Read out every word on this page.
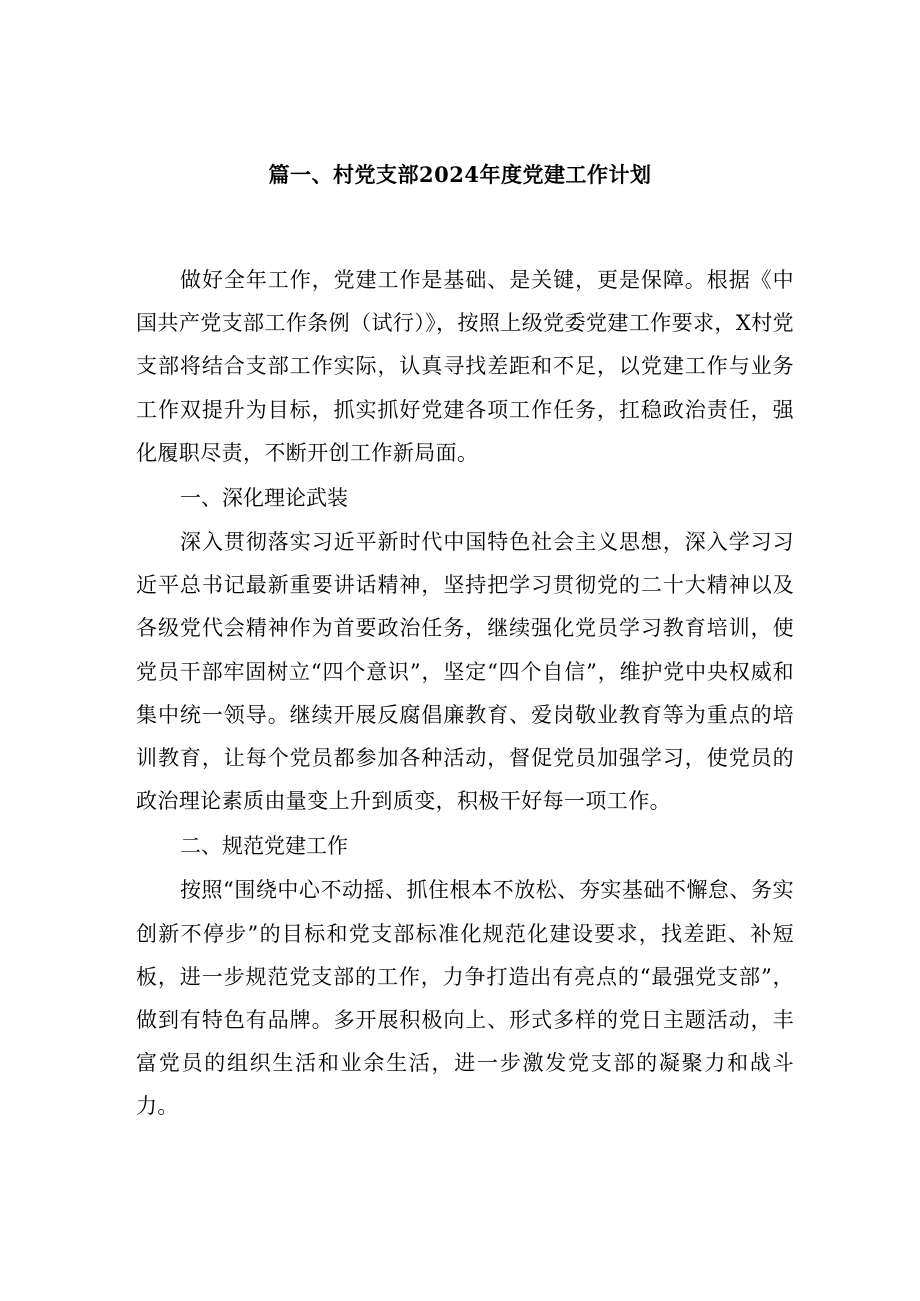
篇一、村党支部2024年度党建工作计划

做好全年工作，党建工作是基础、是关键，更是保障。根据《中国共产党支部工作条例（试行）》，按照上级党委党建工作要求，X村党支部将结合支部工作实际，认真寻找差距和不足，以党建工作与业务工作双提升为目标，抓实抓好党建各项工作任务，扛稳政治责任，强化履职尽责，不断开创工作新局面。

一、深化理论武装

深入贯彻落实习近平新时代中国特色社会主义思想，深入学习习近平总书记最新重要讲话精神，坚持把学习贯彻党的二十大精神以及各级党代会精神作为首要政治任务，继续强化党员学习教育培训，使党员干部牢固树立“四个意识”，坚定“四个自信”，维护党中央权威和集中统一领导。继续开展反腐倡廉教育、爱岗敬业教育等为重点的培训教育，让每个党员都参加各种活动，督促党员加强学习，使党员的政治理论素质由量变上升到质变，积极干好每一项工作。

二、规范党建工作

按照“围绕中心不动摇、抓住根本不放松、夯实基础不懈怠、务实创新不停步”的目标和党支部标准化规范化建设要求，找差距、补短板，进一步规范党支部的工作，力争打造出有亮点的“最强党支部”，做到有特色有品牌。多开展积极向上、形式多样的党日主题活动，丰富党员的组织生活和业余生活，进一步激发党支部的凝聚力和战斗力。
